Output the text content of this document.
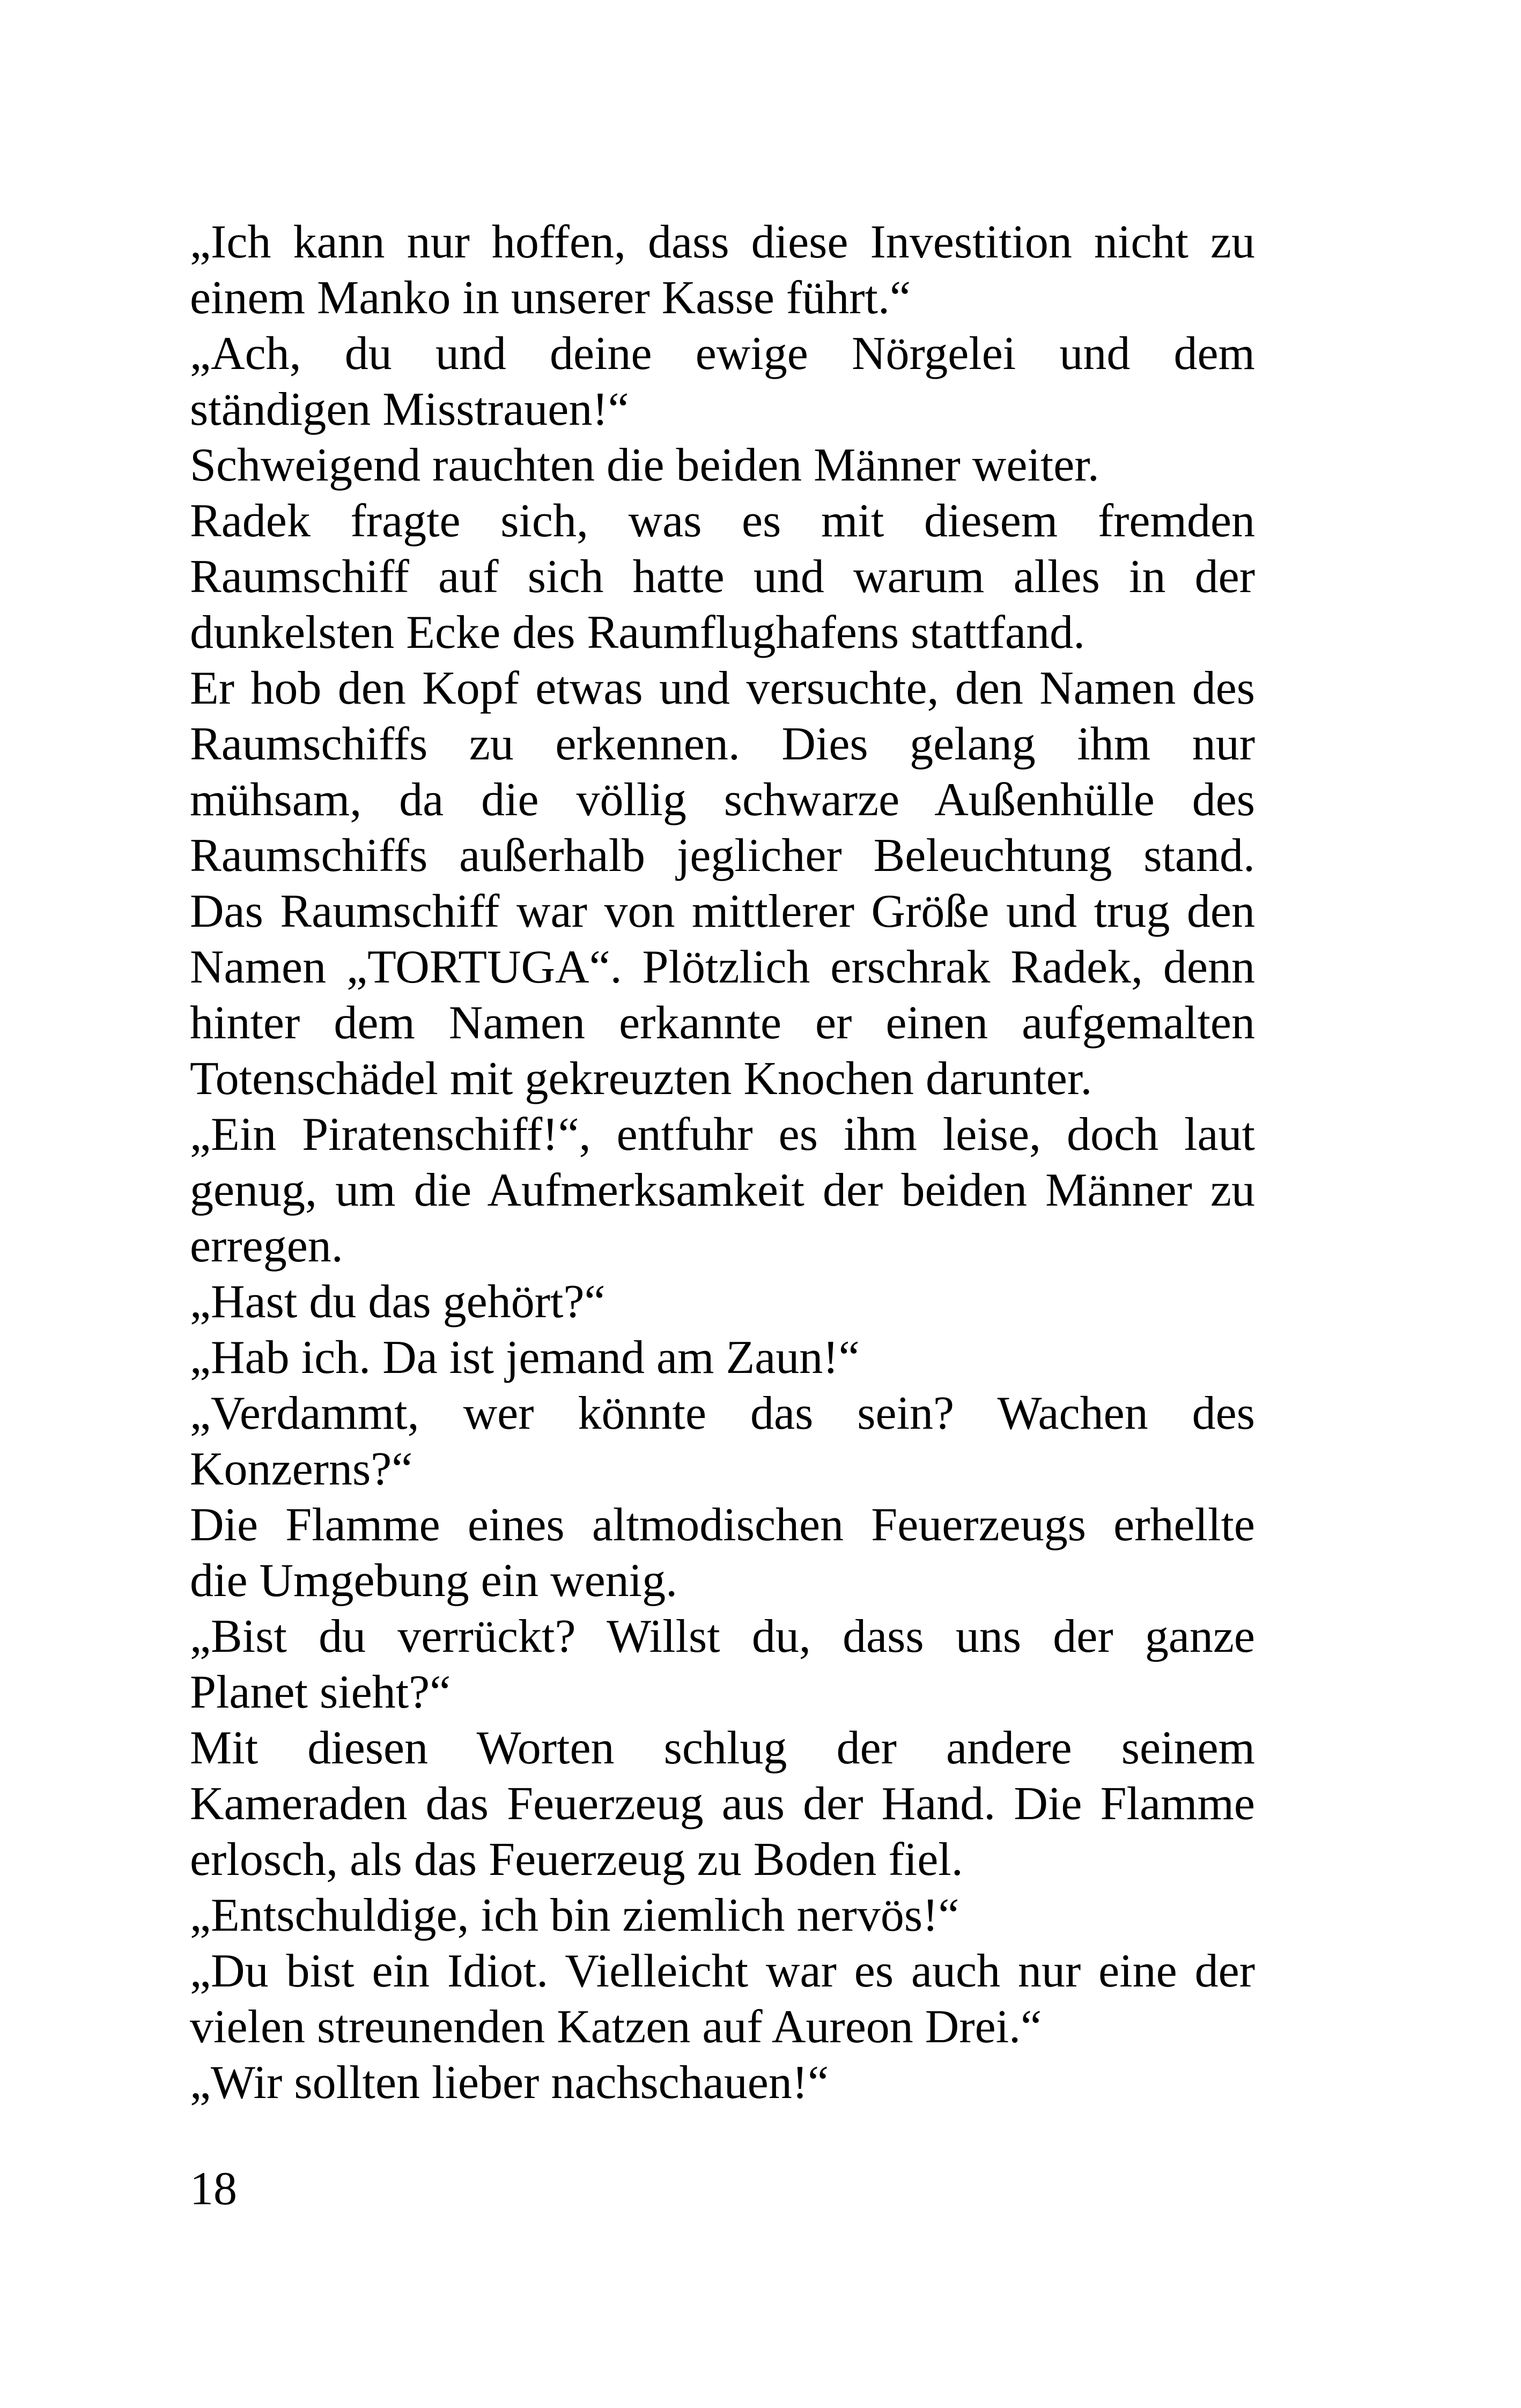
„Ich kann nur hoffen, dass diese Investition nicht zu
einem Manko in unserer Kasse führt.“
„Ach, du und deine ewige Nörgelei und dem
ständigen Misstrauen!“
Schweigend rauchten die beiden Männer weiter.
Radek fragte sich, was es mit diesem fremden
Raumschiff auf sich hatte und warum alles in der
dunkelsten Ecke des Raumflughafens stattfand.
Er hob den Kopf etwas und versuchte, den Namen des
Raumschiffs zu erkennen. Dies gelang ihm nur
mühsam, da die völlig schwarze Außenhülle des
Raumschiffs außerhalb jeglicher Beleuchtung stand.
Das Raumschiff war von mittlerer Größe und trug den
Namen „TORTUGA“. Plötzlich erschrak Radek, denn
hinter dem Namen erkannte er einen aufgemalten
Totenschädel mit gekreuzten Knochen darunter.
„Ein Piratenschiff!“, entfuhr es ihm leise, doch laut
genug, um die Aufmerksamkeit der beiden Männer zu
erregen.
„Hast du das gehört?“
„Hab ich. Da ist jemand am Zaun!“
„Verdammt, wer könnte das sein? Wachen des
Konzerns?“
Die Flamme eines altmodischen Feuerzeugs erhellte
die Umgebung ein wenig.
„Bist du verrückt? Willst du, dass uns der ganze
Planet sieht?“
Mit diesen Worten schlug der andere seinem
Kameraden das Feuerzeug aus der Hand. Die Flamme
erlosch, als das Feuerzeug zu Boden fiel.
„Entschuldige, ich bin ziemlich nervös!“
„Du bist ein Idiot. Vielleicht war es auch nur eine der
vielen streunenden Katzen auf Aureon Drei.“
„Wir sollten lieber nachschauen!“
18
